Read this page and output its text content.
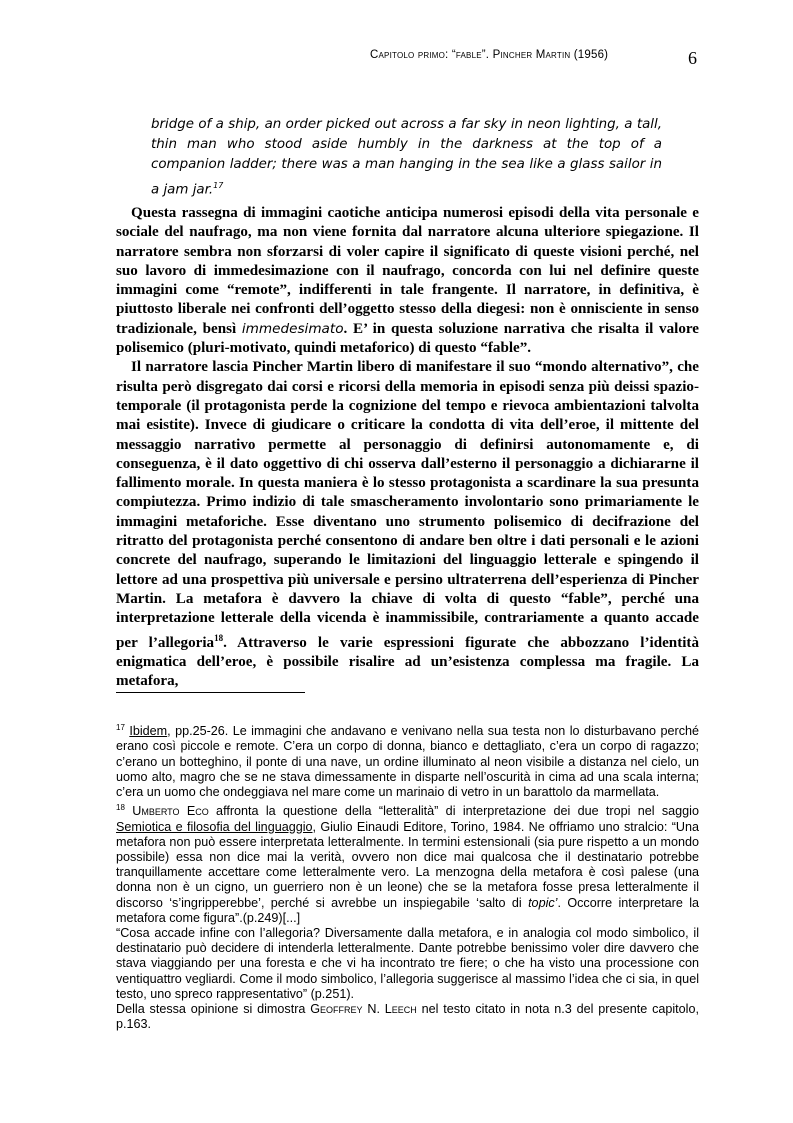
Capitolo primo: “fable”. Pincher Martin (1956)	6

bridge of a ship, an order picked out across a far sky in neon lighting, a tall, thin man who stood aside humbly in the darkness at the top of a companion ladder; there was a man hanging in the sea like a glass sailor in a jam jar.$^{17}$

Questa rassegna di immagini caotiche anticipa numerosi episodi della vita personale e sociale del naufrago, ma non viene fornita dal narratore alcuna ulteriore spiegazione. Il narratore sembra non sforzarsi di voler capire il significato di queste visioni perché, nel suo lavoro di immedesimazione con il naufrago, concorda con lui nel definire queste immagini come “remote”, indifferenti in tale frangente. Il narratore, in definitiva, è piuttosto liberale nei confronti dell’oggetto stesso della diegesi: non è onnisciente in senso tradizionale, bensì immedesimato. E’ in questa soluzione narrativa che risalta il valore polisemico (pluri-motivato, quindi metaforico) di questo “fable”.

Il narratore lascia Pincher Martin libero di manifestare il suo “mondo alternativo”, che risulta però disgregato dai corsi e ricorsi della memoria in episodi senza più deissi spazio-temporale (il protagonista perde la cognizione del tempo e rievoca ambientazioni talvolta mai esistite). Invece di giudicare o criticare la condotta di vita dell’eroe, il mittente del messaggio narrativo permette al personaggio di definirsi autonomamente e, di conseguenza, è il dato oggettivo di chi osserva dall’esterno il personaggio a dichiararne il fallimento morale. In questa maniera è lo stesso protagonista a scardinare la sua presunta compiutezza. Primo indizio di tale smascheramento involontario sono primariamente le immagini metaforiche. Esse diventano uno strumento polisemico di decifrazione del ritratto del protagonista perché consentono di andare ben oltre i dati personali e le azioni concrete del naufrago, superando le limitazioni del linguaggio letterale e spingendo il lettore ad una prospettiva più universale e persino ultraterrena dell’esperienza di Pincher Martin. La metafora è davvero la chiave di volta di questo “fable”, perché una interpretazione letterale della vicenda è inammissibile, contrariamente a quanto accade per l’allegoria$^{18}$. Attraverso le varie espressioni figurate che abbozzano l’identità enigmatica dell’eroe, è possibile risalire ad un’esistenza complessa ma fragile. La metafora,

$^{17}$ Ibidem, pp.25-26. Le immagini che andavano e venivano nella sua testa non lo disturbavano perché erano così piccole e remote. C’era un corpo di donna, bianco e dettagliato, c’era un corpo di ragazzo; c’erano un botteghino, il ponte di una nave, un ordine illuminato al neon visibile a distanza nel cielo, un uomo alto, magro che se ne stava dimessamente in disparte nell’oscurità in cima ad una scala interna; c’era un uomo che ondeggiava nel mare come un marinaio di vetro in un barattolo da marmellata.

$^{18}$ Umberto Eco affronta la questione della “letteralità” di interpretazione dei due tropi nel saggio Semiotica e filosofia del linguaggio, Giulio Einaudi Editore, Torino, 1984. Ne offriamo uno stralcio: “Una metafora non può essere interpretata letteralmente. In termini estensionali (sia pure rispetto a un mondo possibile) essa non dice mai la verità, ovvero non dice mai qualcosa che il destinatario potrebbe tranquillamente accettare come letteralmente vero. La menzogna della metafora è così palese (una donna non è un cigno, un guerriero non è un leone) che se la metafora fosse presa letteralmente il discorso ‘s’ingripperebbe’, perché si avrebbe un inspiegabile ‘salto di topic’. Occorre interpretare la metafora come figura”.(p.249)[...]

“Cosa accade infine con l’allegoria? Diversamente dalla metafora, e in analogia col modo simbolico, il destinatario può decidere di intenderla letteralmente. Dante potrebbe benissimo voler dire davvero che stava viaggiando per una foresta e che vi ha incontrato tre fiere; o che ha visto una processione con ventiquattro vegliardi. Come il modo simbolico, l’allegoria suggerisce al massimo l’idea che ci sia, in quel testo, uno spreco rappresentativo” (p.251).

Della stessa opinione si dimostra Geoffrey N. Leech nel testo citato in nota n.3 del presente capitolo, p.163.
